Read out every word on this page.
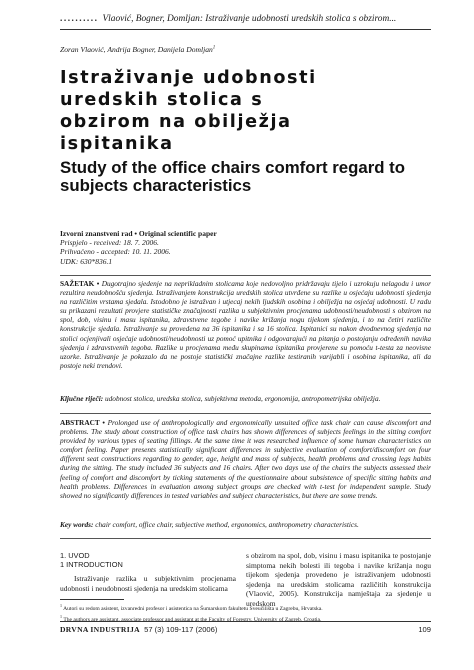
.......... Vlaović, Bogner, Domljan: Istraživanje udobnosti uredskih stolica s obzirom...
Zoran Vlaović, Andrija Bogner, Danijela Domljan$^1$
Istraživanje udobnosti uredskih stolica s obzirom na obilježja ispitanika
Study of the office chairs comfort regard to subjects characteristics
Izvorni znanstveni rad • Original scientific paper
Prispjelo - received: 18. 7. 2006.
Prihvaćeno - accepted: 10. 11. 2006.
UDK: 630*836.1

SAŽETAK • Dugotrajno sjedenje na neprikladnim stolicama koje nedovoljno pridržavaju tijelo i uzrokuju nelagodu i umor rezultira neudobnošću sjedenja. Istraživanjem konstrukcija uredskih stolica utvrđene su razlike u osjećaju udobnosti sjedenja na različitim vrstama sjedala. Istodobno je istražvan i utjecaj nekih ljudskih osobina i obilježja na osjećaj udobnosti. U radu su prikazani rezultati provjere statističke značajnosti razlika u subjektivnim procjenama udobnosti/neudobnosti s obzirom na spol, dob, visinu i masu ispitanika, zdravstvene tegobe i navike križanja nogu tijekom sjedenja, i to na četiri različite konstrukcije sjedala. Istraživanje su provedena na 36 ispitanika i sa 16 stolica. Ispitanici su nakon dvodnevnog sjedenja na stolici ocjenjivali osjećaje udobnosti/neudobnosti uz pomoć upitnika i odgovarajući na pitanja o postojanju određenih navika sjedenja i zdravstvenih tegoba. Razlike u procjenama među skupinama ispitanika provjerene su pomoću t-testa za neovisne uzorke. Istraživanje je pokazalo da ne postoje statistički značajne razlike testiranih varijabli i osobina ispitanika, ali da postoje neki trendovi.

Ključne riječi: udobnost stolica, uredska stolica, subjektivna metoda, ergonomija, antropometrijska obilježja.

ABSTRACT • Prolonged use of anthropologically and ergonomically unsuited office task chair can cause discomfort and problems. The study about construction of office task chairs has shown differences of subjects feelings in the sitting comfort provided by various types of seating fillings. At the same time it was researched influence of some human characteristics on comfort feeling. Paper presents statistically significant differences in subjective evaluation of comfort/discomfort on four different seat constructions regarding to gender, age, height and mass of subjects, health problems and crossing legs habits during the sitting. The study included 36 subjects and 16 chairs. After two days use of the chairs the subjects assessed their feeling of comfort and discomfort by ticking statements of the questionnaire about subsistence of specific sitting habits and health problems. Differences in evaluation among subject groups are checked with t-test for independent sample. Study showed no significantly differences in tested variables and subject characteristics, but there are some trends.

Key words: chair comfort, office chair, subjective method, ergonomics, anthropometry characteristics.

1. UVOD
1 INTRODUCTION

Istraživanje razlika u subjektivnim procjenama udobnosti i neudobnosti sjedenja na uredskim stolicama

s obzirom na spol, dob, visinu i masu ispitanika te postojanje simptoma nekih bolesti ili tegoba i navike križanja nogu tijekom sjedenja provedeno je istraživanjem udobnosti sjedenja na uredskim stolicama različitih konstrukcija (Vlaović, 2005). Konstrukcija namještaja za sjedenje u uredskom

$^1$ Autori su redom asistent, izvanredni profesor i asistentica na Šumarskom fakultetu Sveučilišta u Zagrebu, Hrvatska.
$^1$ The authors are assistant, associate professor and assistant at the Faculty of Forestry, University of Zagreb, Croatia.
DRVNA INDUSTRIJA 57 (3) 109-117 (2006)	109
